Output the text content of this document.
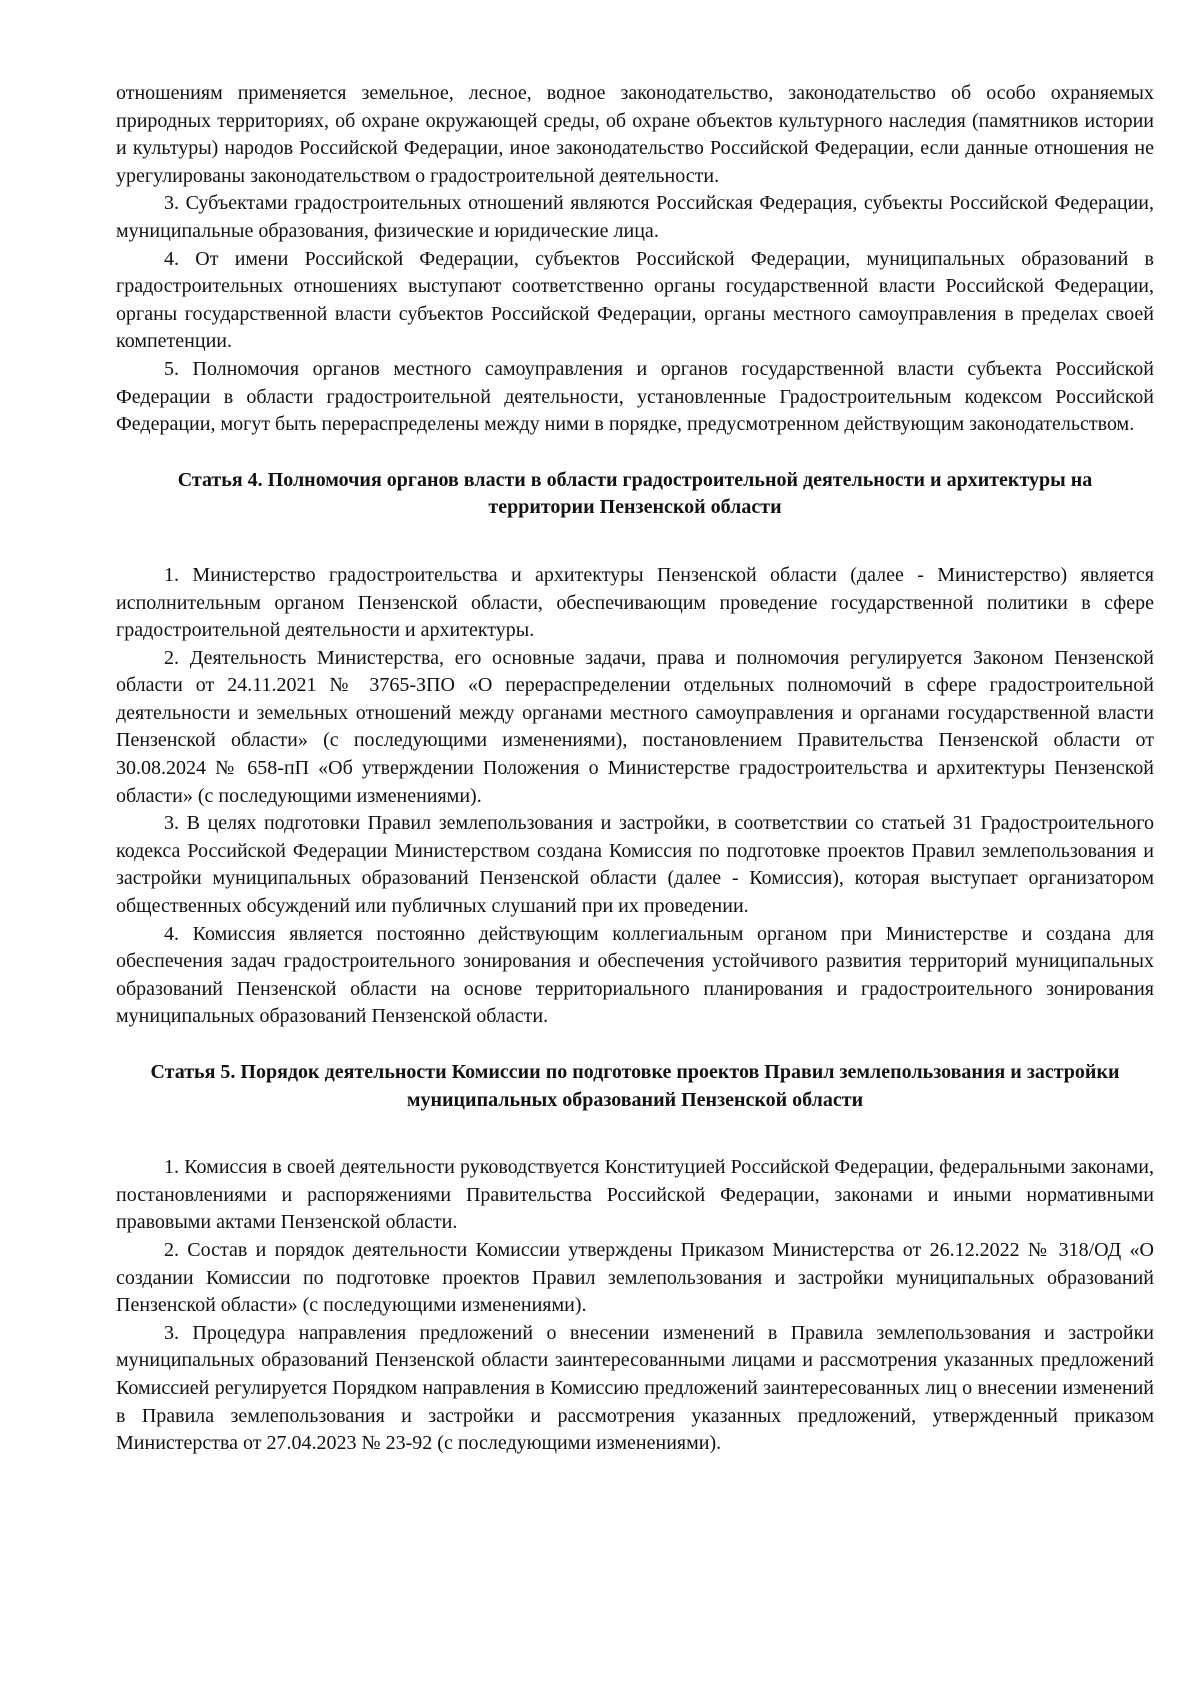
отношениям применяется земельное, лесное, водное законодательство, законодательство об особо охраняемых природных территориях, об охране окружающей среды, об охране объектов культурного наследия (памятников истории и культуры) народов Российской Федерации, иное законодательство Российской Федерации, если данные отношения не урегулированы законодательством о градостроительной деятельности.

3. Субъектами градостроительных отношений являются Российская Федерация, субъекты Российской Федерации, муниципальные образования, физические и юридические лица.

4. От имени Российской Федерации, субъектов Российской Федерации, муниципальных образований в градостроительных отношениях выступают соответственно органы государственной власти Российской Федерации, органы государственной власти субъектов Российской Федерации, органы местного самоуправления в пределах своей компетенции.

5. Полномочия органов местного самоуправления и органов государственной власти субъекта Российской Федерации в области градостроительной деятельности, установленные Градостроительным кодексом Российской Федерации, могут быть перераспределены между ними в порядке, предусмотренном действующим законодательством.

Статья 4. Полномочия органов власти в области градостроительной деятельности и архитектуры на территории Пензенской области

1. Министерство градостроительства и архитектуры Пензенской области (далее - Министерство) является исполнительным органом Пензенской области, обеспечивающим проведение государственной политики в сфере градостроительной деятельности и архитектуры.

2. Деятельность Министерства, его основные задачи, права и полномочия регулируется Законом Пензенской области от 24.11.2021 № 3765-ЗПО «О перераспределении отдельных полномочий в сфере градостроительной деятельности и земельных отношений между органами местного самоуправления и органами государственной власти Пензенской области» (с последующими изменениями), постановлением Правительства Пензенской области от 30.08.2024 № 658-пП «Об утверждении Положения о Министерстве градостроительства и архитектуры Пензенской области» (с последующими изменениями).

3. В целях подготовки Правил землепользования и застройки, в соответствии со статьей 31 Градостроительного кодекса Российской Федерации Министерством создана Комиссия по подготовке проектов Правил землепользования и застройки муниципальных образований Пензенской области (далее - Комиссия), которая выступает организатором общественных обсуждений или публичных слушаний при их проведении.

4. Комиссия является постоянно действующим коллегиальным органом при Министерстве и создана для обеспечения задач градостроительного зонирования и обеспечения устойчивого развития территорий муниципальных образований Пензенской области на основе территориального планирования и градостроительного зонирования муниципальных образований Пензенской области.

Статья 5. Порядок деятельности Комиссии по подготовке проектов Правил землепользования и застройки муниципальных образований Пензенской области

1. Комиссия в своей деятельности руководствуется Конституцией Российской Федерации, федеральными законами, постановлениями и распоряжениями Правительства Российской Федерации, законами и иными нормативными правовыми актами Пензенской области.

2. Состав и порядок деятельности Комиссии утверждены Приказом Министерства от 26.12.2022 № 318/ОД «О создании Комиссии по подготовке проектов Правил землепользования и застройки муниципальных образований Пензенской области» (с последующими изменениями).

3. Процедура направления предложений о внесении изменений в Правила землепользования и застройки муниципальных образований Пензенской области заинтересованными лицами и рассмотрения указанных предложений Комиссией регулируется Порядком направления в Комиссию предложений заинтересованных лиц о внесении изменений в Правила землепользования и застройки и рассмотрения указанных предложений, утвержденный приказом Министерства от 27.04.2023 № 23-92 (с последующими изменениями).
